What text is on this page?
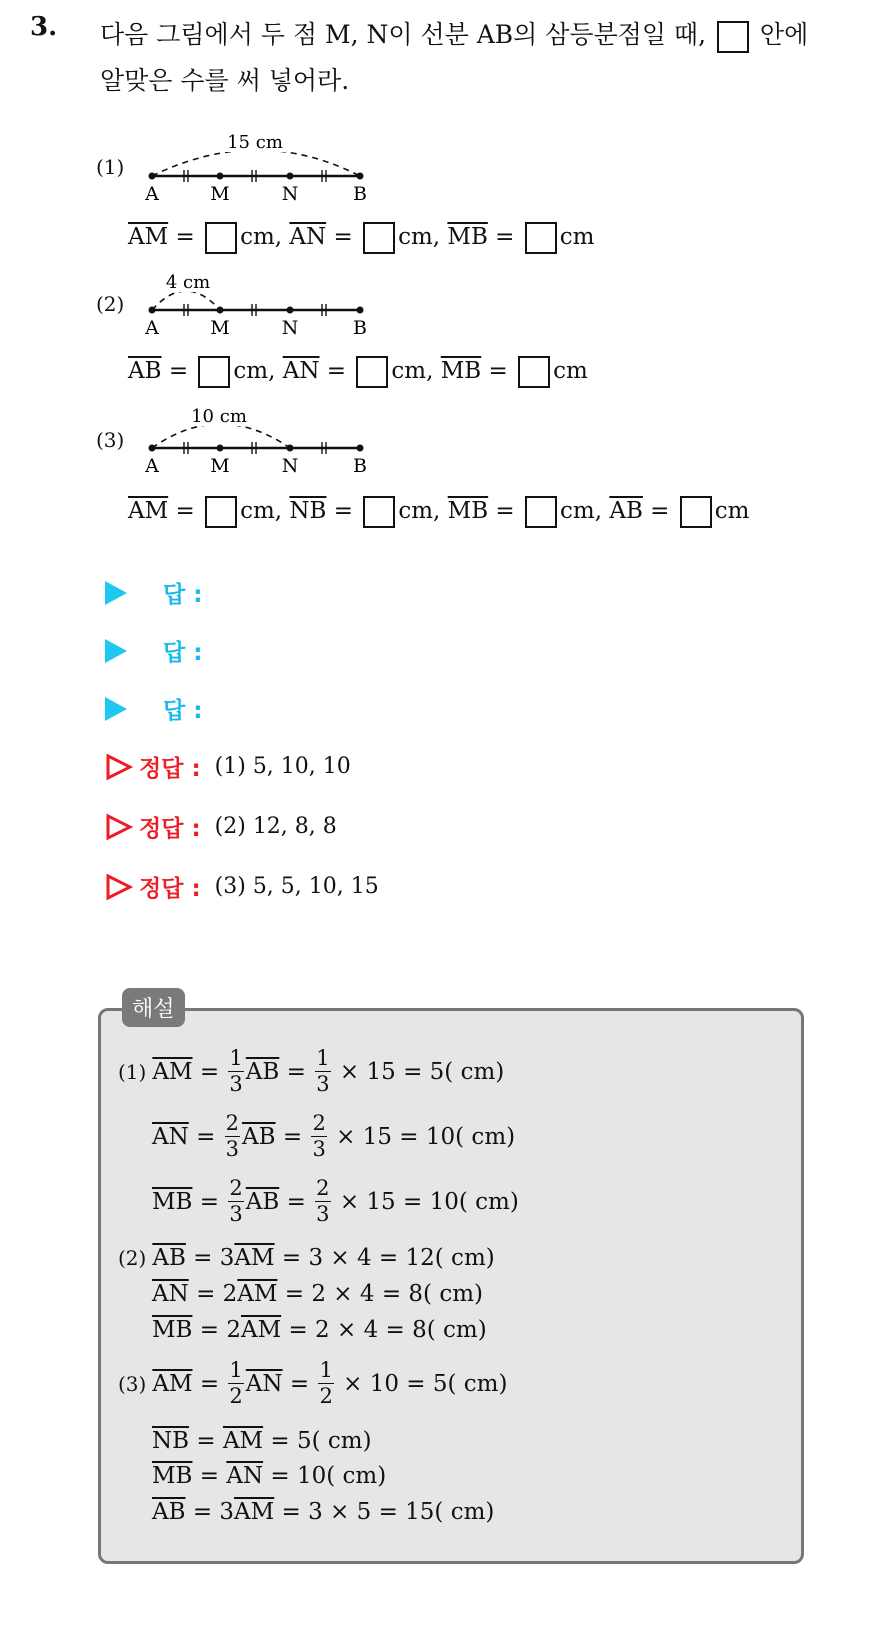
3. 다음 그림에서 두 점 M, N이 선분 AB의 삼등분점일 때, 안에
알맞은 수를 써 넣어라.
(1)
15 cm
A	M	N	B
$\overline{AM}$ = cm, $\overline{AN}$ = cm, $\overline{MB}$ = cm
(2)
4 cm
A	M	N	B
$\overline{AB}$ = cm, $\overline{AN}$ = cm, $\overline{MB}$ = cm
(3)
10 cm
A	M	N	B
$\overline{AM}$ = cm, $\overline{NB}$ = cm, $\overline{MB}$ = cm, $\overline{AB}$ = cm
답 :
답 :
답 :
정답 : (1) 5, 10, 10
정답 : (2) 12, 8, 8
정답 : (3) 5, 5, 10, 15
해설
(1) $\overline{AM}$
=
$\frac{1}{3} \overline{AB}$
=
$\frac{1}{3}$
× 15 = 5( cm)
$\overline{AN}$
=
$\frac{2}{3} \overline{AB}$
=
$\frac{2}{3}$
× 15 = 10( cm)
$\overline{MB}$
=
$\frac{2}{3} \overline{AB}$
=
$\frac{2}{3}$
× 15 = 10( cm)
(2) $\overline{AB}$
= 3 $\overline{AM}$
= 3 × 4 = 12( cm)
$\overline{AN}$
= 2 $\overline{AM}$
= 2 × 4 = 8( cm)
$\overline{MB}$
= 2 $\overline{AM}$
= 2 × 4 = 8( cm)
(3) $\overline{AM}$
=
$\frac{1}{2} \overline{AN}$
=
$\frac{1}{2}$
× 10 = 5( cm)
$\overline{NB}$
=
$\overline{AM}$
= 5( cm)
$\overline{MB}$
=
$\overline{AN}$
= 10( cm)
$\overline{AB}$
= 3 $\overline{AM}$
= 3 × 5 = 15( cm)
